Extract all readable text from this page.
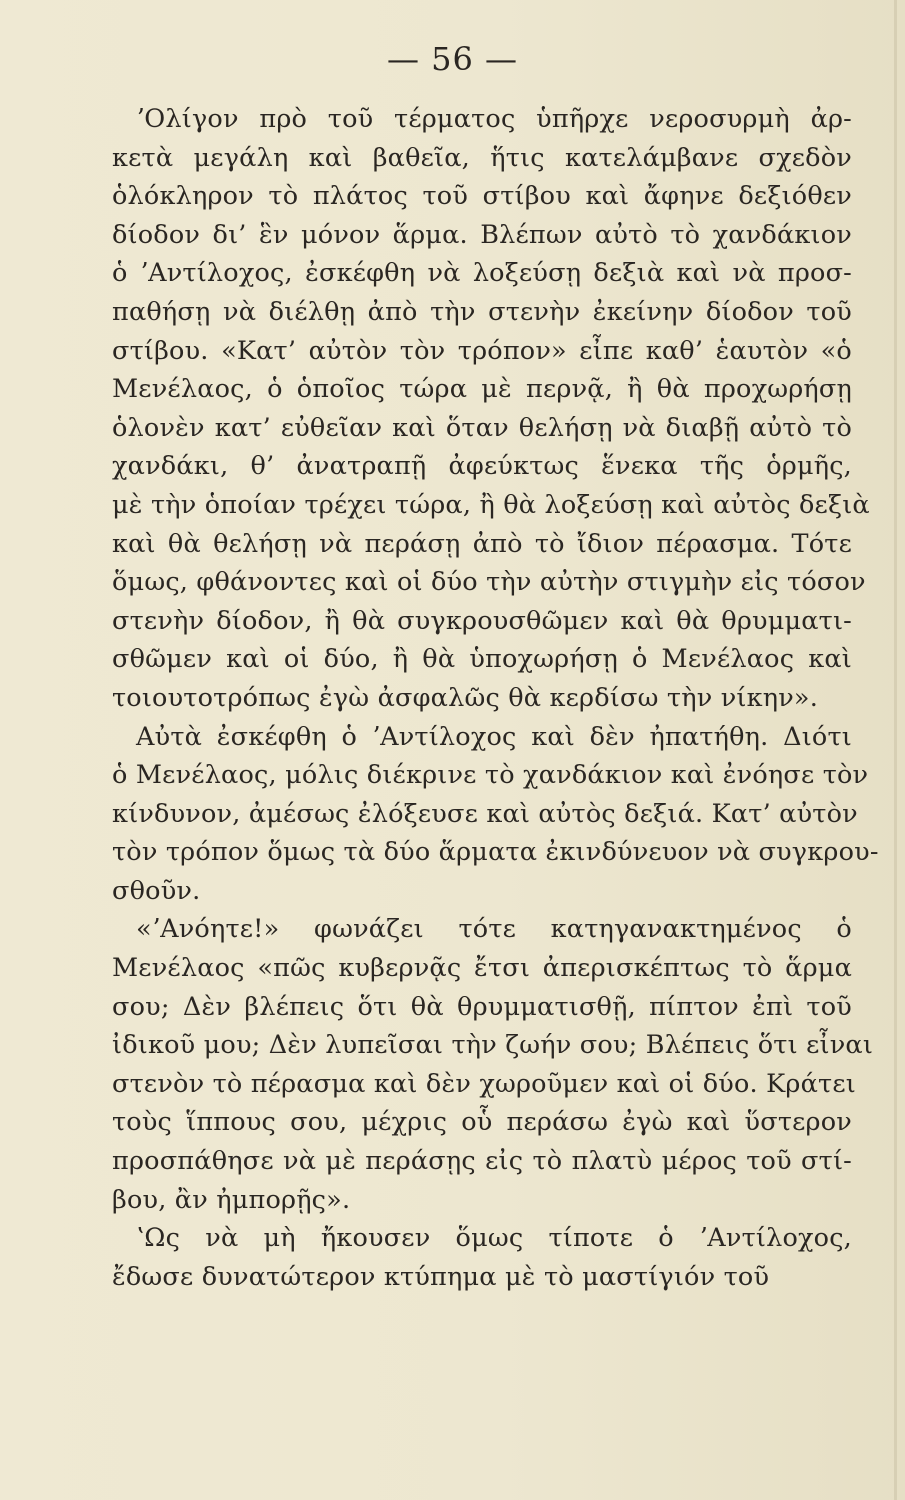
— 56 —
ʼΟλίγον πρὸ τοῦ τέρματος ὑπῆρχε νεροσυρμὴ ἀρ-
κετὰ μεγάλη καὶ βαθεῖα, ἥτις κατελάμβανε σχεδὸν
ὁλόκληρον τὸ πλάτος τοῦ στίβου καὶ ἄφηνε δεξιόθεν
δίοδον δι’ ἓν μόνον ἅρμα. Βλέπων αὐτὸ τὸ χανδάκιον
ὁ ʼΑντίλοχος, ἐσκέφθη νὰ λοξεύσῃ δεξιὰ καὶ νὰ προσ-
παθήσῃ νὰ διέλθῃ ἀπὸ τὴν στενὴν ἐκείνην δίοδον τοῦ
στίβου. «Κατ’ αὐτὸν τὸν τρόπον» εἶπε καθ’ ἑαυτὸν «ὁ
Μενέλαος, ὁ ὁποῖος τώρα μὲ περνᾷ, ἢ θὰ προχωρήσῃ
ὁλονὲν κατ’ εὐθεῖαν καὶ ὅταν θελήσῃ νὰ διαβῇ αὐτὸ τὸ
χανδάκι, θ’ ἀνατραπῇ ἀφεύκτως ἕνεκα τῆς ὁρμῆς,
μὲ τὴν ὁποίαν τρέχει τώρα, ἢ θὰ λοξεύσῃ καὶ αὐτὸς δεξιὰ
καὶ θὰ θελήσῃ νὰ περάσῃ ἀπὸ τὸ ἴδιον πέρασμα. Τότε
ὅμως, φθάνοντες καὶ οἱ δύο τὴν αὐτὴν στιγμὴν εἰς τόσον
στενὴν δίοδον, ἢ θὰ συγκρουσθῶμεν καὶ θὰ θρυμματι-
σθῶμεν καὶ οἱ δύο, ἢ θὰ ὑποχωρήσῃ ὁ Μενέλαος καὶ
τοιουτοτρόπως ἐγὼ ἀσφαλῶς θὰ κερδίσω τὴν νίκην».
Αὐτὰ ἐσκέφθη ὁ ʼΑντίλοχος καὶ δὲν ἠπατήθη. Διότι
ὁ Μενέλαος, μόλις διέκρινε τὸ χανδάκιον καὶ ἐνόησε τὸν
κίνδυνον, ἀμέσως ἐλόξευσε καὶ αὐτὸς δεξιά. Κατ’ αὐτὸν
τὸν τρόπον ὅμως τὰ δύο ἅρματα ἐκινδύνευον νὰ συγκρου-
σθοῦν.
«ʼΑνόητε!» φωνάζει τότε κατηγανακτημένος ὁ
Μενέλαος «πῶς κυβερνᾷς ἔτσι ἀπερισκέπτως τὸ ἅρμα
σου; Δὲν βλέπεις ὅτι θὰ θρυμματισθῇ, πίπτον ἐπὶ τοῦ
ἰδικοῦ μου; Δὲν λυπεῖσαι τὴν ζωήν σου; Βλέπεις ὅτι εἶναι
στενὸν τὸ πέρασμα καὶ δὲν χωροῦμεν καὶ οἱ δύο. Κράτει
τοὺς ἵππους σου, μέχρις οὗ περάσω ἐγὼ καὶ ὕστερον
προσπάθησε νὰ μὲ περάσῃς εἰς τὸ πλατὺ μέρος τοῦ στί-
βου, ἂν ἠμπορῇς».
ʽΩς νὰ μὴ ἤκουσεν ὅμως τίποτε ὁ ʼΑντίλοχος,
ἔδωσε δυνατώτερον κτύπημα μὲ τὸ μαστίγιόν τοῦ
